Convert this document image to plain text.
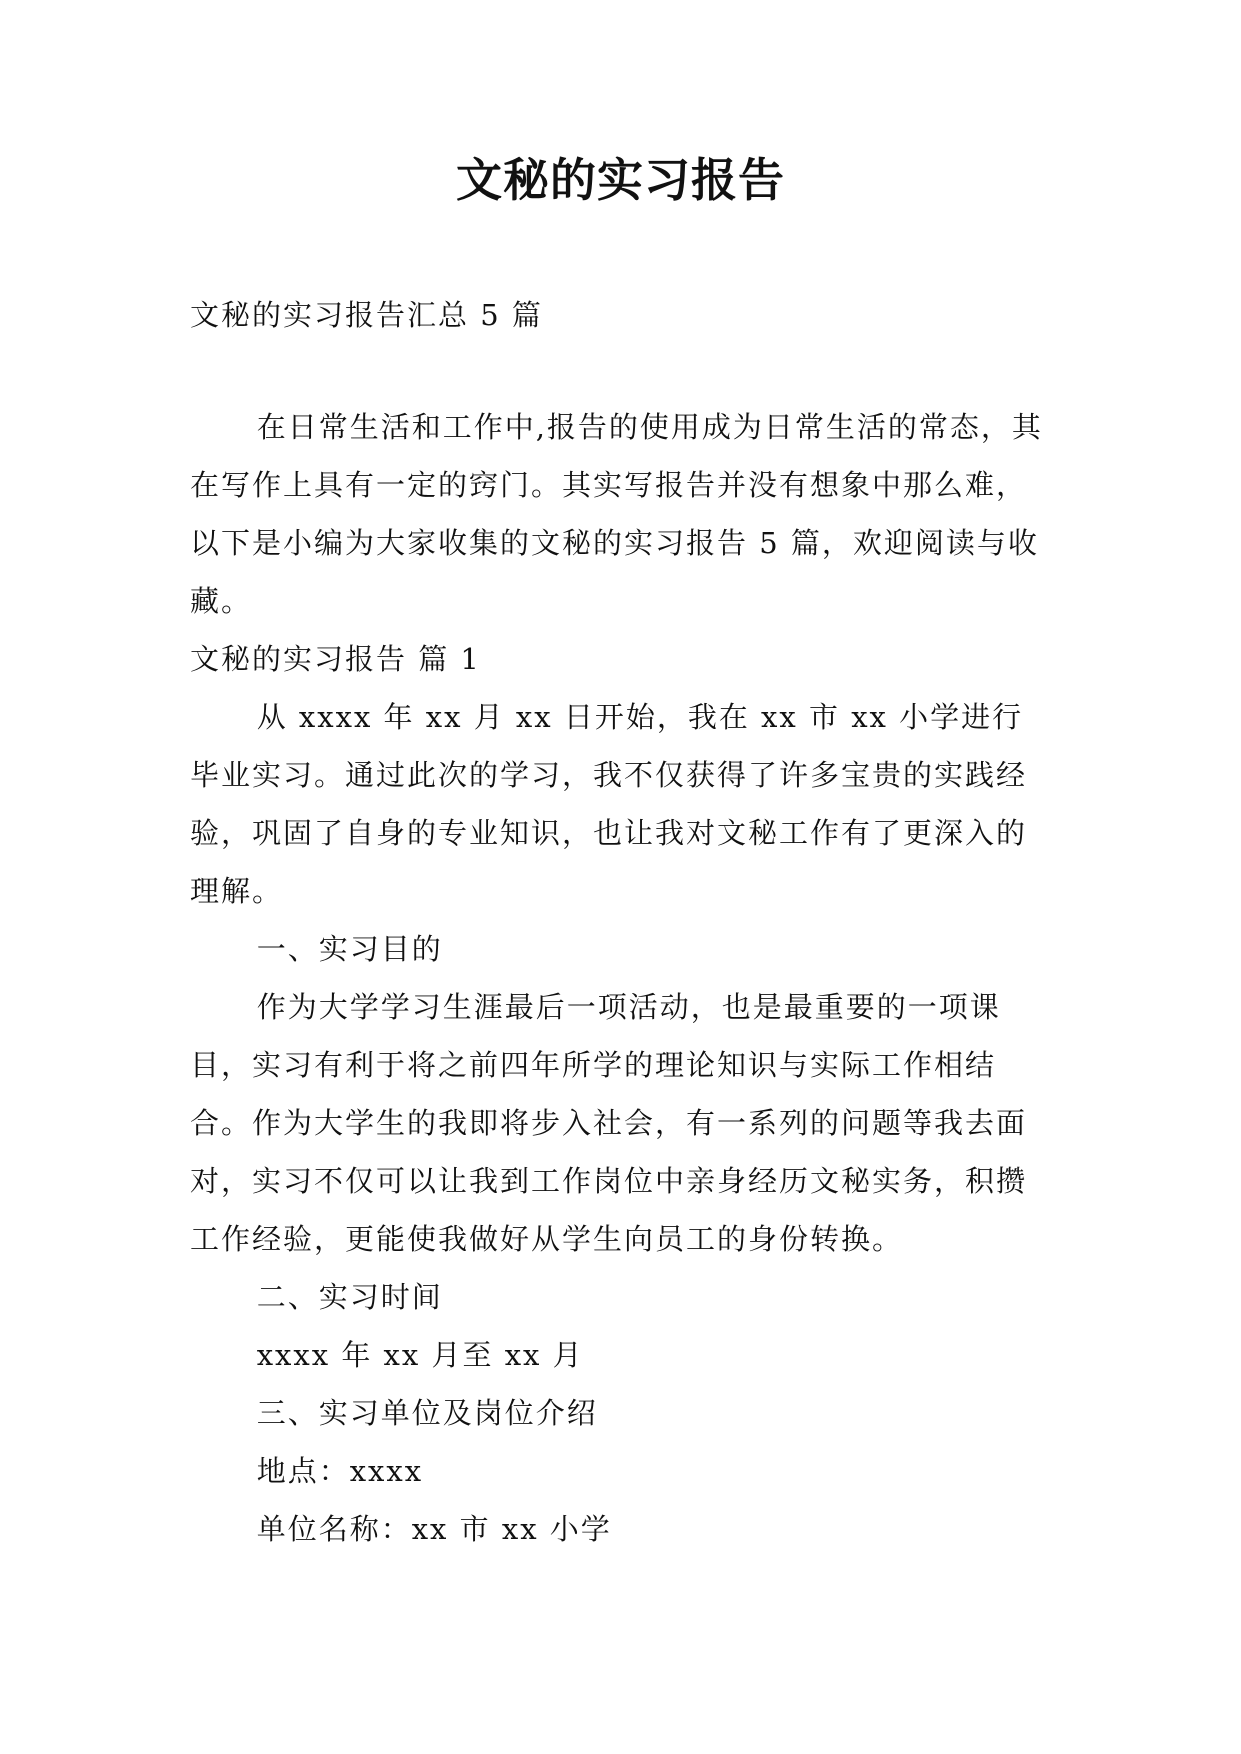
文秘的实习报告
文秘的实习报告汇总 5 篇

在日常生活和工作中,报告的使用成为日常生活的常态，其在写作上具有一定的窍门。其实写报告并没有想象中那么难，以下是小编为大家收集的文秘的实习报告 5 篇，欢迎阅读与收藏。

文秘的实习报告 篇 1

从 xxxx 年 xx 月 xx 日开始，我在 xx 市 xx 小学进行毕业实习。通过此次的学习，我不仅获得了许多宝贵的实践经验，巩固了自身的专业知识，也让我对文秘工作有了更深入的理解。

一、实习目的

作为大学学习生涯最后一项活动，也是最重要的一项课目，实习有利于将之前四年所学的理论知识与实际工作相结合。作为大学生的我即将步入社会，有一系列的问题等我去面对，实习不仅可以让我到工作岗位中亲身经历文秘实务，积攒工作经验，更能使我做好从学生向员工的身份转换。

二、实习时间

xxxx 年 xx 月至 xx 月

三、实习单位及岗位介绍

地点：xxxx

单位名称：xx 市 xx 小学
